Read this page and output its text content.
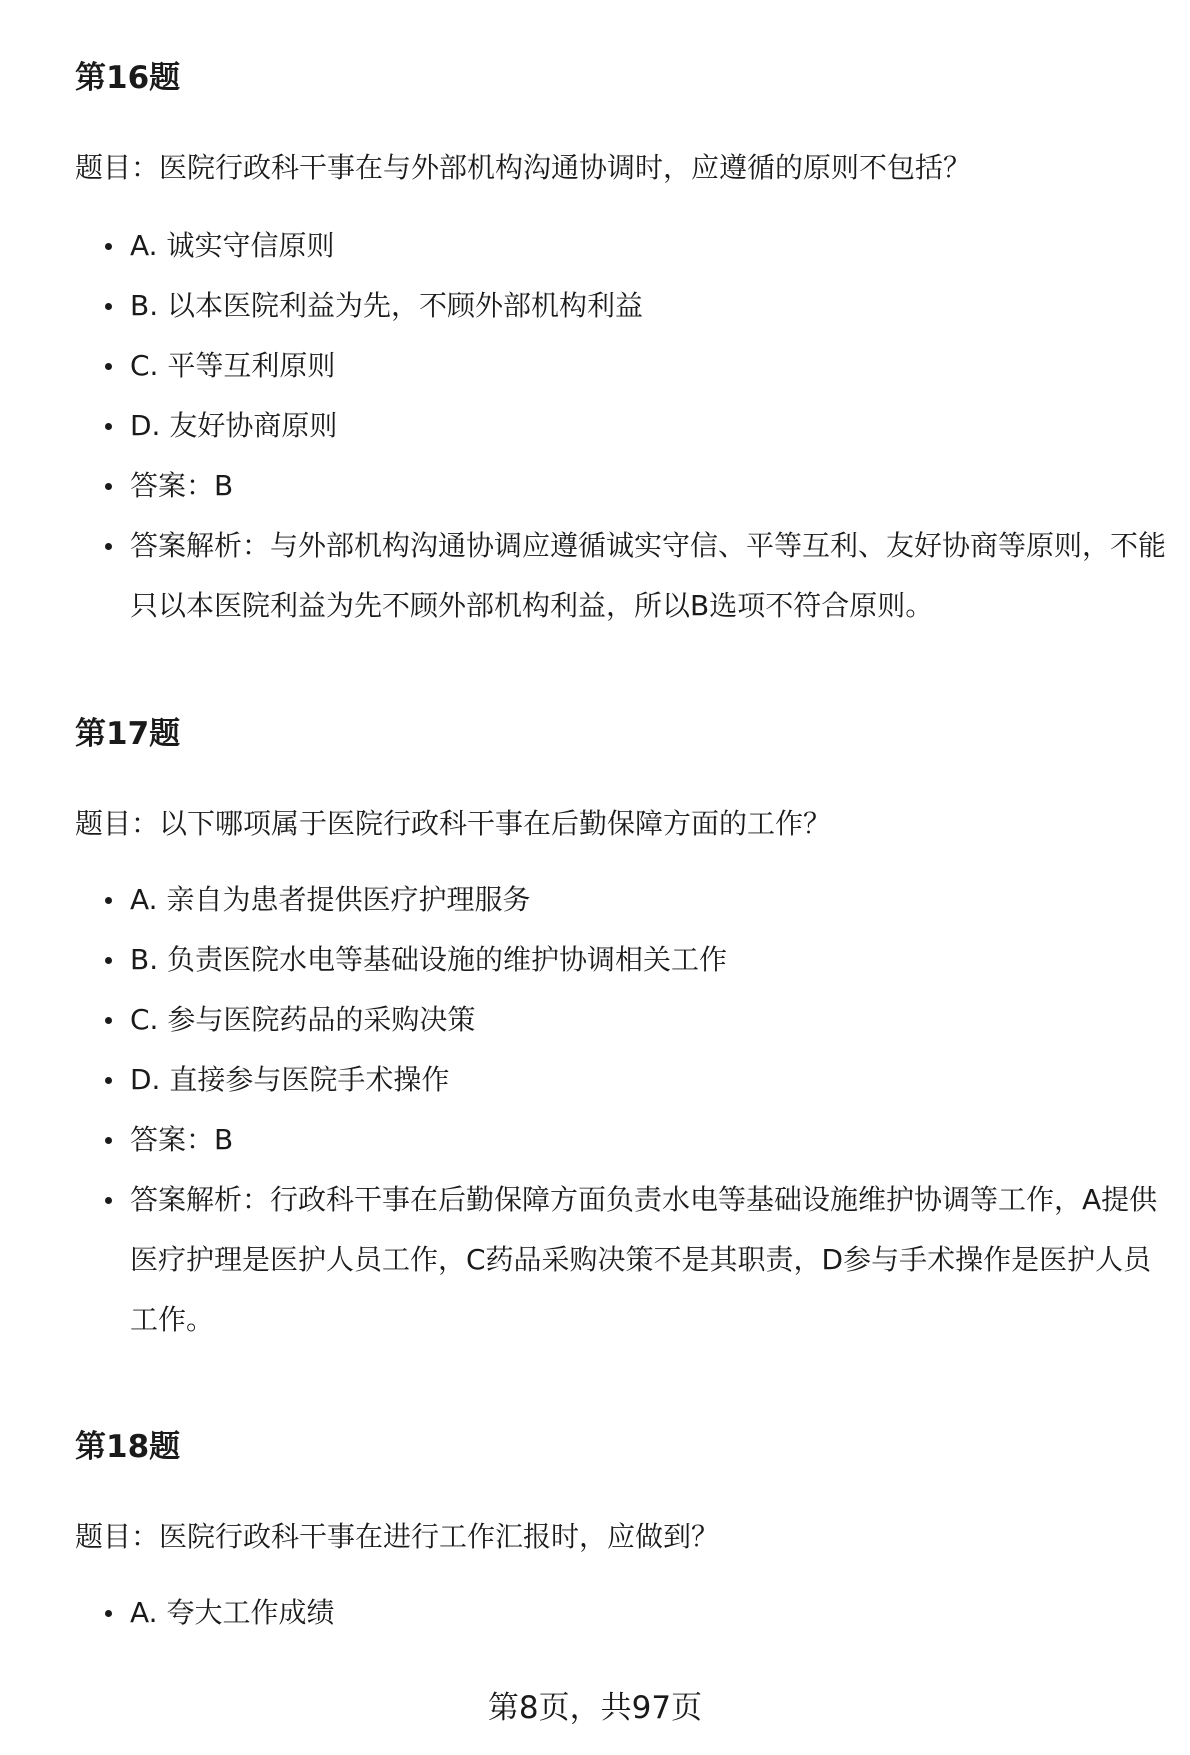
第16题

题目：医院行政科干事在与外部机构沟通协调时，应遵循的原则不包括？

A. 诚实守信原则
B. 以本医院利益为先，不顾外部机构利益
C. 平等互利原则
D. 友好协商原则
答案：B
答案解析：与外部机构沟通协调应遵循诚实守信、平等互利、友好协商等原则，不能只以本医院利益为先不顾外部机构利益，所以B选项不符合原则。
第17题

题目：以下哪项属于医院行政科干事在后勤保障方面的工作？

A. 亲自为患者提供医疗护理服务
B. 负责医院水电等基础设施的维护协调相关工作
C. 参与医院药品的采购决策
D. 直接参与医院手术操作
答案：B
答案解析：行政科干事在后勤保障方面负责水电等基础设施维护协调等工作，A提供医疗护理是医护人员工作，C药品采购决策不是其职责，D参与手术操作是医护人员工作。
第18题

题目：医院行政科干事在进行工作汇报时，应做到？

A. 夸大工作成绩
第8页，共97页
